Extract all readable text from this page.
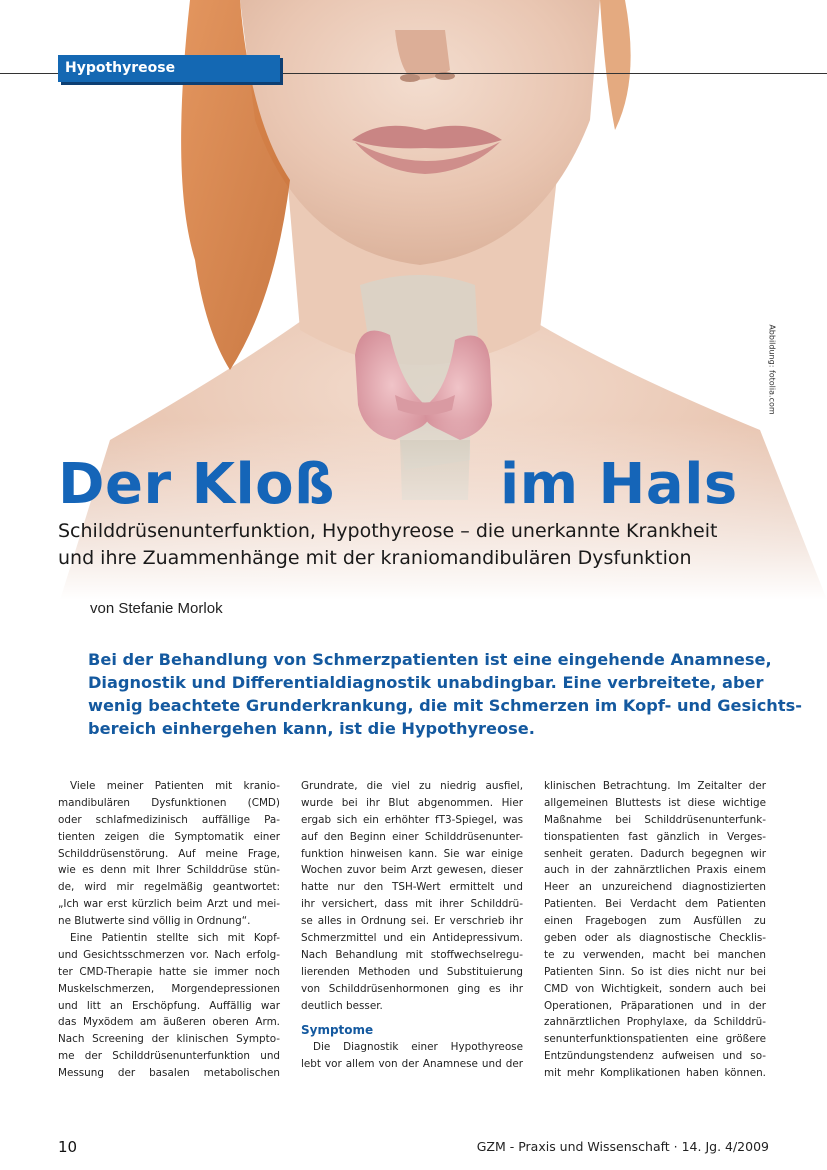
Hypothyreose
Abbildung: fotolia.com
Der Kloß	im Hals
Schilddrüsenunterfunktion, Hypothyreose – die unerkannte Krankheit
und ihre Zuammenhänge mit der kraniomandibulären Dysfunktion
von Stefanie Morlok
Bei der Behandlung von Schmerzpatienten ist eine eingehende Anamnese,
Diagnostik und Differentialdiagnostik unabdingbar. Eine verbreitete, aber
wenig beachtete Grunderkrankung, die mit Schmerzen im Kopf- und Gesichts-
bereich einhergehen kann, ist die Hypothyreose.
Viele meiner Patienten mit kranio-
mandibulären Dysfunktionen (CMD)
oder schlafmedizinisch auffällige Pa-
tienten zeigen die Symptomatik einer
Schilddrüsenstörung. Auf meine Frage,
wie es denn mit Ihrer Schilddrüse stün-
de, wird mir regelmäßig geantwortet:
„Ich war erst kürzlich beim Arzt und mei-
ne Blutwerte sind völlig in Ordnung“.
Eine Patientin stellte sich mit Kopf-
und Gesichtsschmerzen vor. Nach erfolg-
ter CMD-Therapie hatte sie immer noch
Muskelschmerzen, Morgendepressionen
und litt an Erschöpfung. Auffällig war
das Myxödem am äußeren oberen Arm.
Nach Screening der klinischen Sympto-
me der Schilddrüsenunterfunktion und
Messung der basalen metabolischen
Grundrate, die viel zu niedrig ausfiel,
wurde bei ihr Blut abgenommen. Hier
ergab sich ein erhöhter fT3-Spiegel, was
auf den Beginn einer Schilddrüsenunter-
funktion hinweisen kann. Sie war einige
Wochen zuvor beim Arzt gewesen, dieser
hatte nur den TSH-Wert ermittelt und
ihr versichert, dass mit ihrer Schilddrü-
se alles in Ordnung sei. Er verschrieb ihr
Schmerzmittel und ein Antidepressivum.
Nach Behandlung mit stoffwechselregu-
lierenden Methoden und Substituierung
von Schilddrüsenhormonen ging es ihr
deutlich besser.
Symptome
Die Diagnostik einer Hypothyreose
lebt vor allem von der Anamnese und der
klinischen Betrachtung. Im Zeitalter der
allgemeinen Bluttests ist diese wichtige
Maßnahme bei Schilddrüsenunterfunk-
tionspatienten fast gänzlich in Verges-
senheit geraten. Dadurch begegnen wir
auch in der zahnärztlichen Praxis einem
Heer an unzureichend diagnostizierten
Patienten. Bei Verdacht dem Patienten
einen Fragebogen zum Ausfüllen zu
geben oder als diagnostische Checklis-
te zu verwenden, macht bei manchen
Patienten Sinn. So ist dies nicht nur bei
CMD von Wichtigkeit, sondern auch bei
Operationen, Präparationen und in der
zahnärztlichen Prophylaxe, da Schilddrü-
senunterfunktionspatienten eine größere
Entzündungstendenz aufweisen und so-
mit mehr Komplikationen haben können.
10	GZM - Praxis und Wissenschaft · 14. Jg. 4/2009
